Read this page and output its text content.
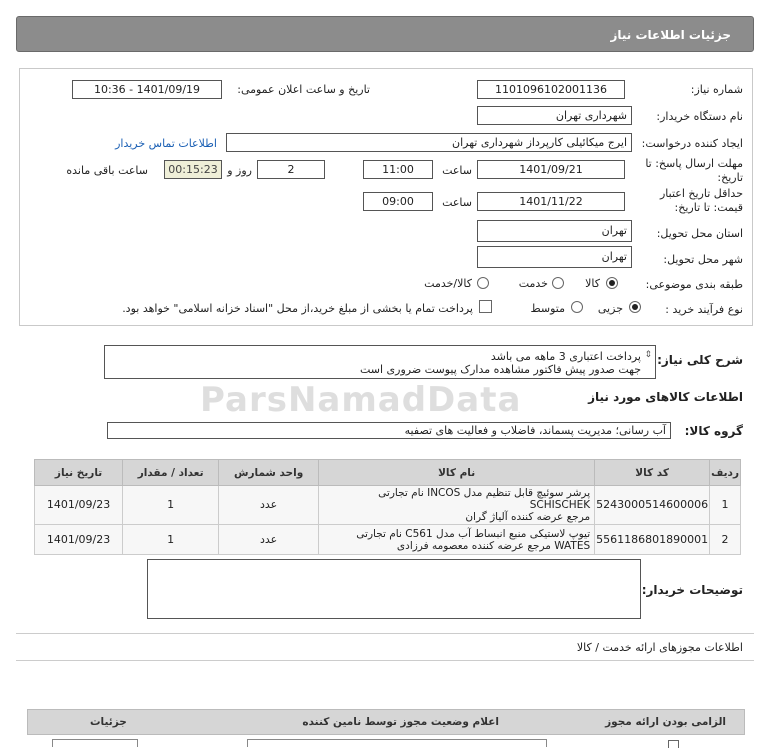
جزئیات اطلاعات نیاز
شماره نیاز:
1101096102001136
تاریخ و ساعت اعلان عمومی:
1401/09/19 - 10:36
نام دستگاه خریدار:
شهرداری تهران
ایجاد کننده درخواست:
ایرج میکائیلی کارپرداز شهرداری تهران
اطلاعات تماس خریدار
مهلت ارسال پاسخ: تا
تاریخ:
1401/09/21
ساعت
11:00
2
روز و
00:15:23
ساعت باقی مانده
حداقل تاریخ اعتبار
قیمت: تا تاریخ:
1401/11/22
ساعت
09:00
استان محل تحویل:
تهران
شهر محل تحویل:
تهران
طبقه بندی موضوعی:
کالا
خدمت
کالا/خدمت
نوع فرآیند خرید :
جزیی
متوسط
پرداخت تمام یا بخشی از مبلغ خرید،از محل "اسناد خزانه اسلامی" خواهد بود.
شرح کلی نیاز:
پرداخت اعتباری 3 ماهه می باشد
جهت صدور پیش فاکتور مشاهده مدارک پیوست ضروری است
⇕
ParsNamadData	اطلاعات کالاهای مورد نیاز
گروه کالا:
آب رسانی؛ مدیریت پسماند، فاضلاب و فعالیت های تصفیه
ردیف	کد کالا	نام کالا	واحد شمارش	تعداد / مقدار	تاریخ نیاز
1	5243000514600006	پرشر سوئیچ قابل تنظیم مدل INCOS نام تجارتی SCHISCHEK
مرجع عرضه کننده آلیاژ گران	عدد	1	1401/09/23
2	5561186801890001	تیوپ لاستیکی منبع انبساط آب مدل C561 نام تجارتی
WATES مرجع عرضه کننده معصومه فرزادی	عدد	1	1401/09/23
توضیحات خریدار:
اطلاعات مجوزهای ارائه خدمت / کالا
الزامی بودن ارائه مجوز
اعلام وضعیت مجوز توسط نامین کننده
جزئیات
